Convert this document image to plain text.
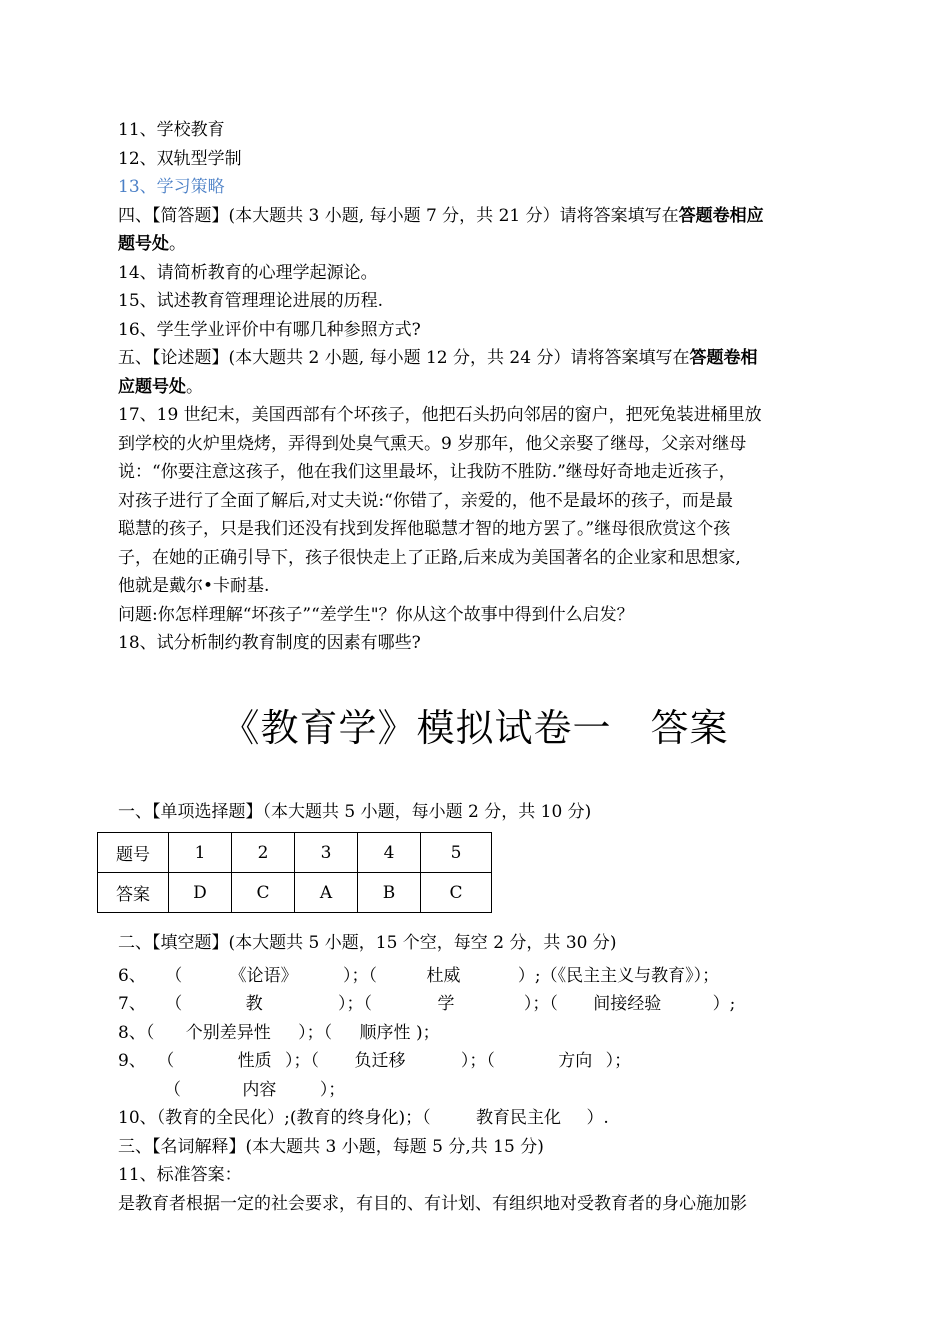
11、学校教育
12、双轨型学制
13、学习策略
四、【简答题】(本大题共 3 小题, 每小题 7 分，共 21 分）请将答案填写在答题卷相应
题号处。
14、请简析教育的心理学起源论。
15、试述教育管理理论进展的历程.
16、学生学业评价中有哪几种参照方式?
五、【论述题】(本大题共 2 小题, 每小题 12 分，共 24 分）请将答案填写在答题卷相
应题号处。
17、19 世纪末，美国西部有个坏孩子，他把石头扔向邻居的窗户，把死兔装进桶里放
到学校的火炉里烧烤，弄得到处臭气熏天。9 岁那年，他父亲娶了继母，父亲对继母
说：“你要注意这孩子，他在我们这里最坏，让我防不胜防.”继母好奇地走近孩子，
对孩子进行了全面了解后,对丈夫说:“你错了，亲爱的，他不是最坏的孩子，而是最
聪慧的孩子，只是我们还没有找到发挥他聪慧才智的地方罢了。”继母很欣赏这个孩
子，在她的正确引导下，孩子很快走上了正路,后来成为美国著名的企业家和思想家,
他就是戴尔•卡耐基.
问题:你怎样理解“坏孩子”“差学生"？你从这个故事中得到什么启发？
18、试分析制约教育制度的因素有哪些?
《教育学》模拟试卷一　答案
一、【单项选择题】（本大题共 5 小题，每小题 2 分，共 10 分)
题号	1	2	3	4	5
答案	D	C	A	B	C
二、【填空题】(本大题共 5 小题，15 个空，每空 2 分，共 30 分)
6、 （	《论语》	）；（	杜威	）;（《民主主义与教育》）；
7、 （	教	）；（	学	）；（ 间接经验	）;
8、（ 个别差异性 ）；（ 顺序性 )；
9、 （	性质 ）；（ 负迁移	）；（	方向 ）；
（	内容	）；
10、（教育的全民化）;(教育的终身化)；（	教育民主化 ）.
三、【名词解释】(本大题共 3 小题，每题 5 分,共 15 分)
11、标准答案：
是教育者根据一定的社会要求，有目的、有计划、有组织地对受教育者的身心施加影
